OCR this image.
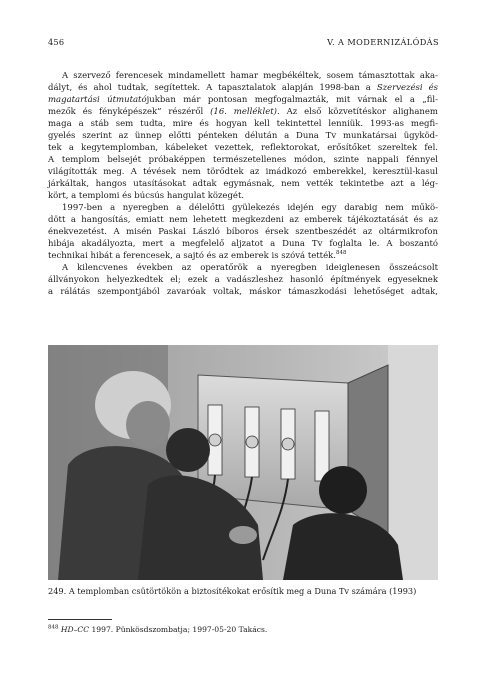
456	V. A MODERNIZÁLÓDÁS

A szervező ferencesek mindamellett hamar megbékéltek, sosem támasztottak aka-
dályt, és ahol tudtak, segítettek. A tapasztalatok alapján 1998-ban a Szervezési és
magatartási útmutatójukban már pontosan megfogalmazták, mit várnak el a „fil-
mezők és fényképészek” részéről (16. melléklet). Az első közvetítéskor alighanem
maga a stáb sem tudta, mire és hogyan kell tekintettel lenniük. 1993-as megfi-
gyelés szerint az ünnep előtti pénteken délután a Duna Tv munkatársai ügyköd-
tek a kegytemplomban, kábeleket vezettek, reflektorokat, erősítőket szereltek fel.
A templom belsejét próbaképpen természetellenes módon, szinte nappali fénnyel
világították meg. A tévések nem törődtek az imádkozó emberekkel, keresztül-kasul
járkáltak, hangos utasításokat adtak egymásnak, nem vették tekintetbe azt a lég-
kört, a templomi és búcsús hangulat közegét.

1997-ben a nyeregben a délelőtti gyülekezés idején egy darabig nem műkö-
dött a hangosítás, emiatt nem lehetett megkezdeni az emberek tájékoztatását és az
énekvezetést. A misén Paskai László bíboros érsek szentbeszédét az oltármikrofon
hibája akadályozta, mert a megfelelő aljzatot a Duna Tv foglalta le. A boszantó
technikai hibát a ferencesek, a sajtó és az emberek is szóvá tették.$^{848}$

A kilencvenes években az operatőrök a nyeregben ideiglenesen összeácsolt
állványokon helyezkedtek el; ezek a vadászleshez hasonló építmények egyeseknek
a rálátás szempontjából zavaróak voltak, máskor támaszkodási lehetőséget adtak,

249. A templomban csütörtökön a biztosítékokat erősítik meg a Duna Tv számára (1993)
$^{848}$ HD–CC 1997. Pünkösdszombatja; 1997-05-20 Takács.
